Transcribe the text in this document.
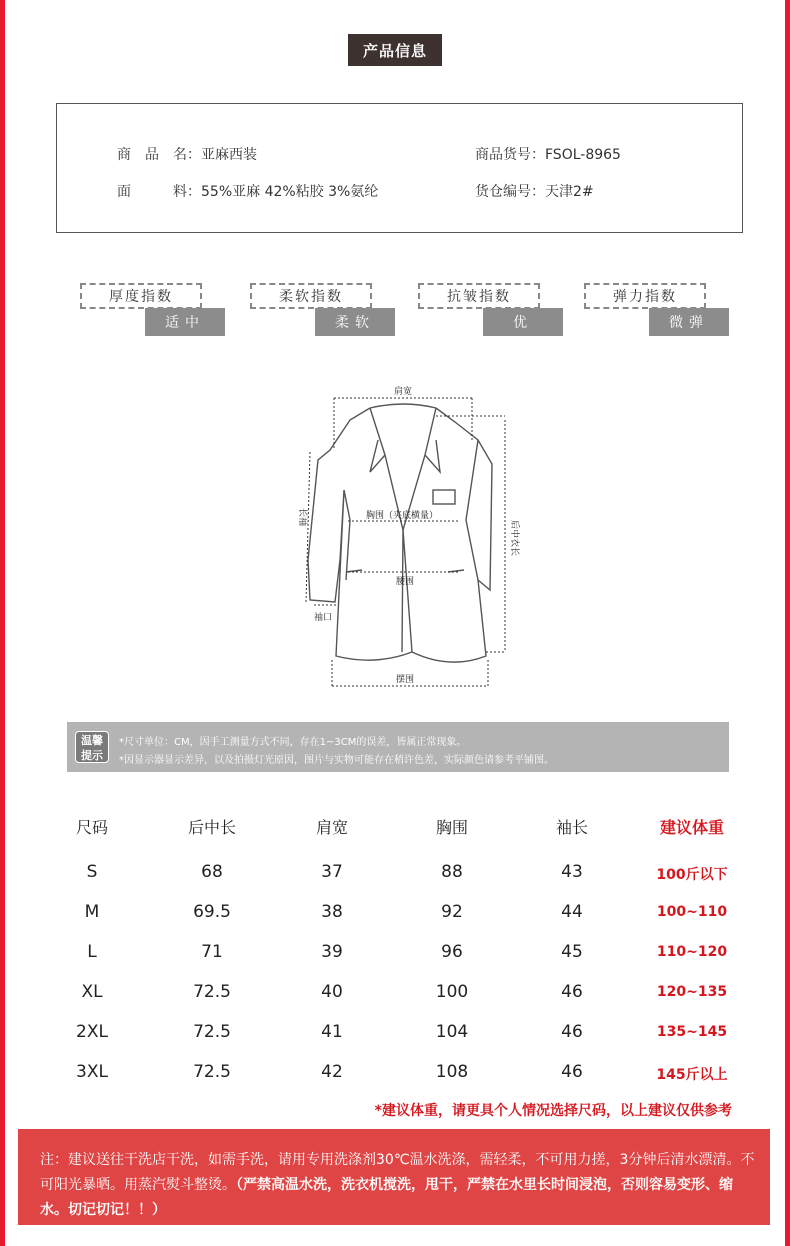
产品信息
商　品　名：亚麻西装	商品货号：FSOL-8965
面　　　料：55%亚麻 42%粘胶 3%氨纶	货仓编号：天津2#
厚度指数
适中
柔软指数
柔软
抗皱指数
优
弹力指数
微弹
肩宽
胸围（夹底横量）
腰围
摆围
长袖
袖口
后中衣长
温馨
提示
*尺寸单位：CM，因手工测量方式不同，存在1~3CM的误差，皆属正常现象。
*因显示器显示差异，以及拍摄灯光原因，图片与实物可能存在稍许色差，实际颜色请参考平铺图。
尺码	后中长	肩宽	胸围	袖长	建议体重
S	68	37	88	43	100斤以下
M	69.5	38	92	44	100~110
L	71	39	96	45	110~120
XL	72.5	40	100	46	120~135
2XL	72.5	41	104	46	135~145
3XL	72.5	42	108	46	145斤以上
*建议体重，请更具个人情况选择尺码，以上建议仅供参考

注：建议送往干洗店干洗，如需手洗，请用专用洗涤剂30℃温水洗涤，需轻柔，不可用力搓，3分钟后清水漂清。不可阳光暴晒。用蒸汽熨斗整烫。（严禁高温水洗，洗衣机搅洗，甩干，严禁在水里长时间浸泡，否则容易变形、缩水。切记切记！！）
